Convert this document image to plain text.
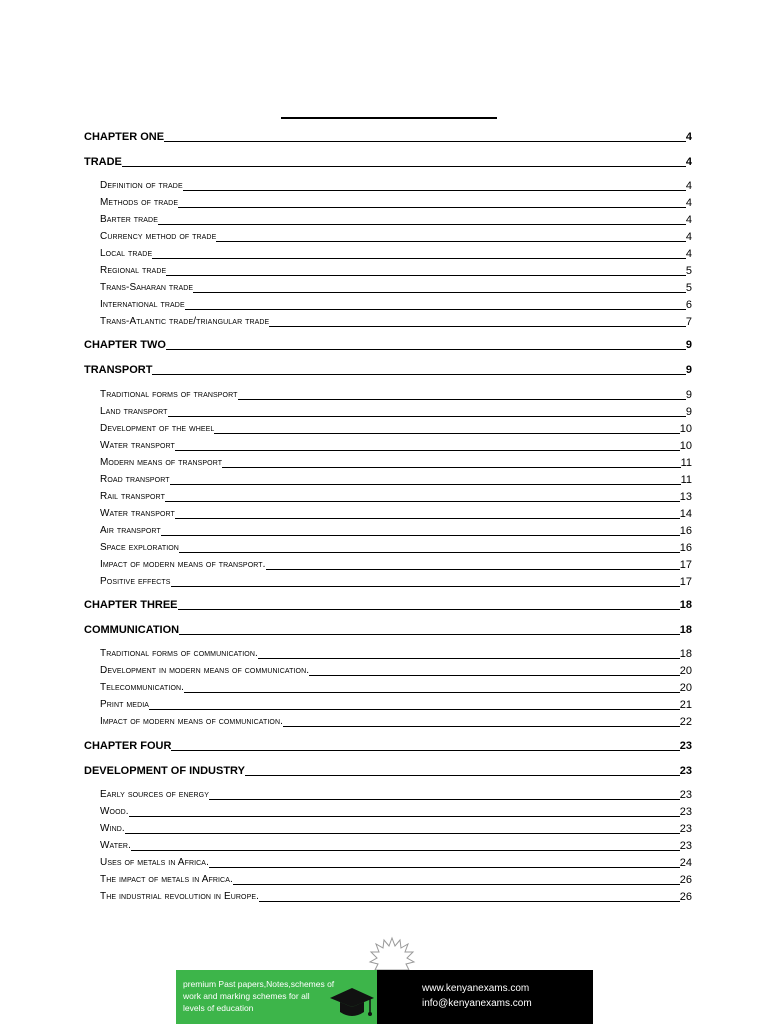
CHAPTER ONE	4
TRADE	4
Definition of trade	4
Methods of trade	4
Barter trade	4
Currency method of trade	4
Local trade	4
Regional trade	5
Trans-Saharan trade	5
International trade	6
Trans-Atlantic trade/triangular trade	7
CHAPTER TWO	9
TRANSPORT	9
Traditional forms of transport	9
Land transport	9
Development of the wheel	10
Water transport	10
Modern means of transport	11
Road transport	11
Rail transport	13
Water transport	14
Air transport	16
Space exploration	16
Impact of modern means of transport.	17
Positive effects	17
CHAPTER THREE	18
COMMUNICATION	18
Traditional forms of communication.	18
Development in modern means of communication.	20
Telecommunication.	20
Print media	21
Impact of modern means of communication.	22
CHAPTER FOUR	23
DEVELOPMENT OF INDUSTRY	23
Early sources of energy	23
Wood.	23
Wind.	23
Water.	23
Uses of metals in Africa.	24
The impact of metals in Africa.	26
The industrial revolution in Europe.	26
premium Past papers,Notes,schemes of
work and marking schemes for all
levels of education
www.kenyanexams.com
info@kenyanexams.com
